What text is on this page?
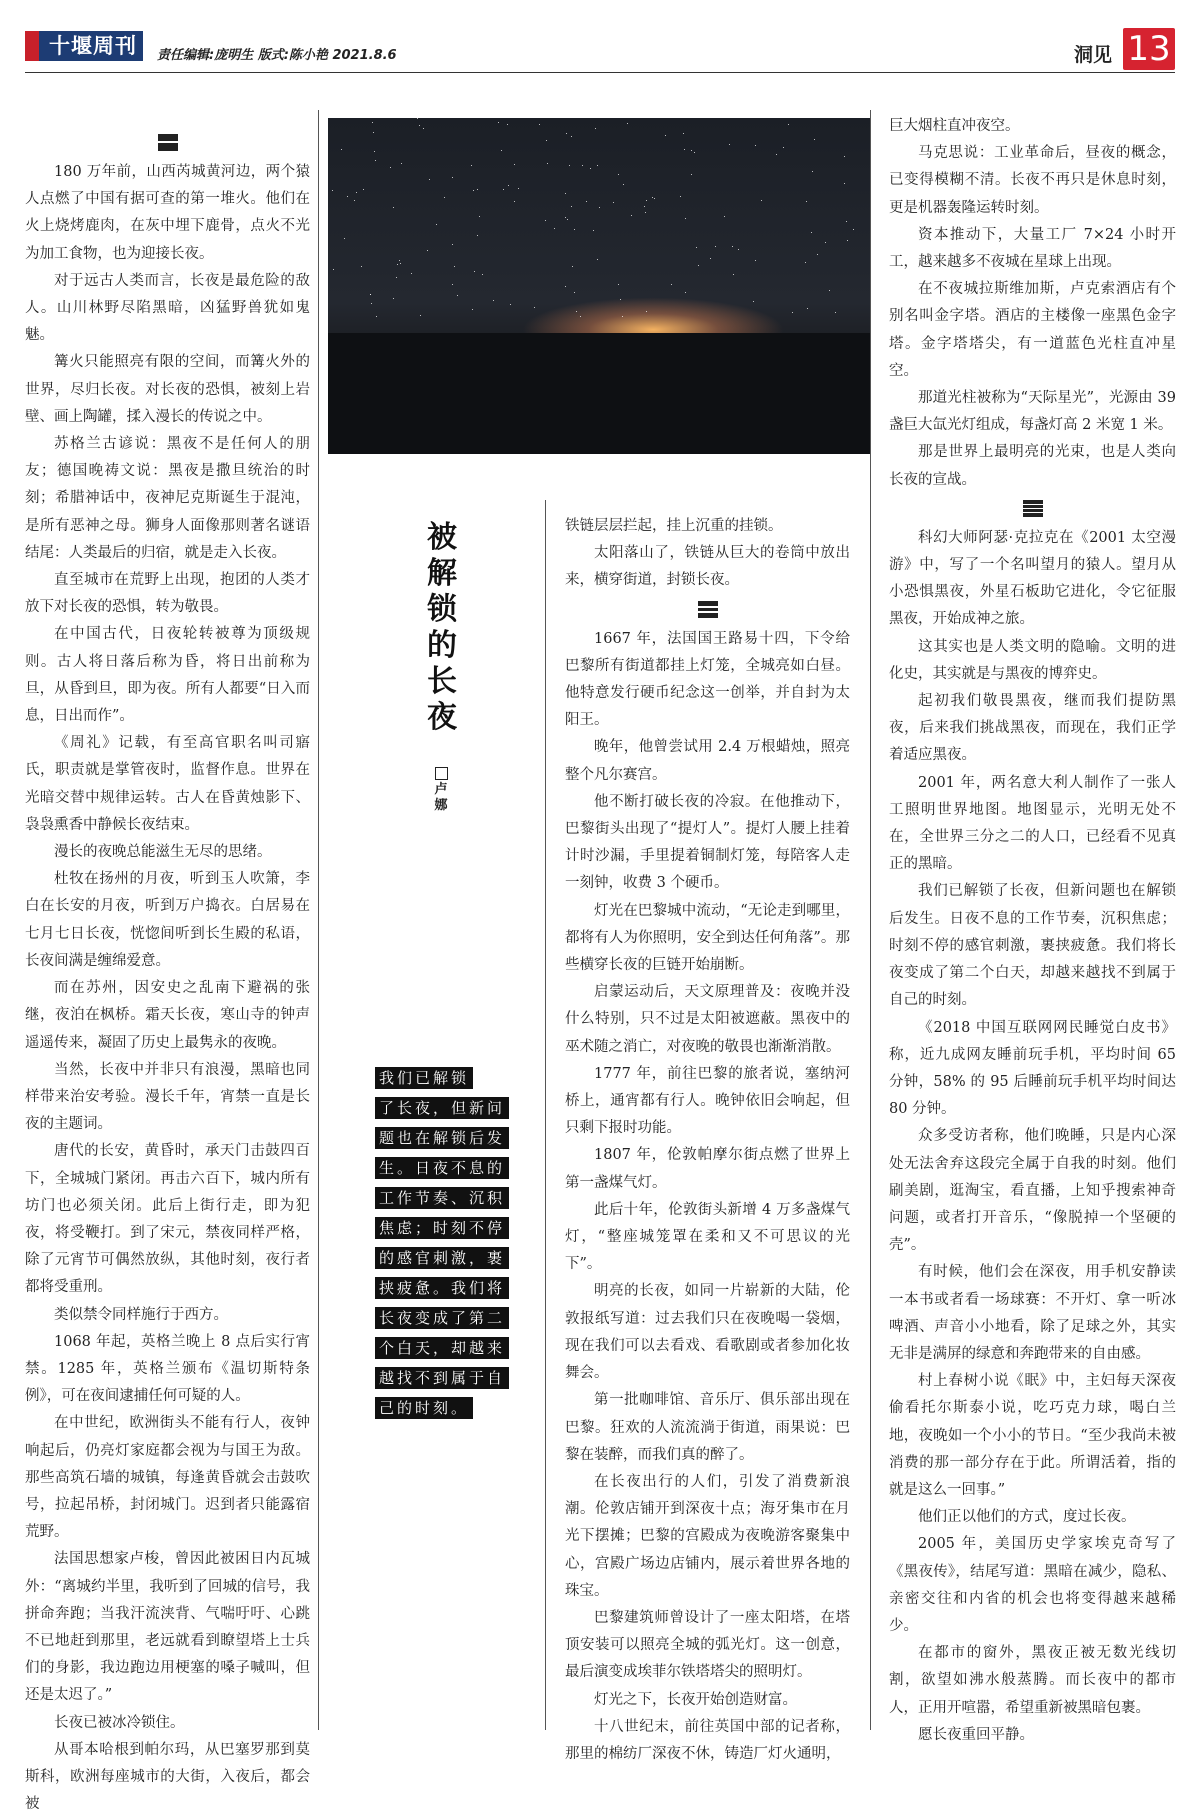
十堰周刊	责任编辑:庞明生 版式:陈小艳 2021.8.6	洞见 13

180 万年前，山西芮城黄河边，两个猿人点燃了中国有据可查的第一堆火。他们在火上烧烤鹿肉，在灰中埋下鹿骨，点火不光为加工食物，也为迎接长夜。

对于远古人类而言，长夜是最危险的敌人。山川林野尽陷黑暗，凶猛野兽犹如鬼魅。

篝火只能照亮有限的空间，而篝火外的世界，尽归长夜。对长夜的恐惧，被刻上岩壁、画上陶罐，揉入漫长的传说之中。

苏格兰古谚说：黑夜不是任何人的朋友；德国晚祷文说：黑夜是撒旦统治的时刻；希腊神话中，夜神尼克斯诞生于混沌，是所有恶神之母。狮身人面像那则著名谜语结尾：人类最后的归宿，就是走入长夜。

直至城市在荒野上出现，抱团的人类才放下对长夜的恐惧，转为敬畏。

在中国古代，日夜轮转被尊为顶级规则。古人将日落后称为昏，将日出前称为旦，从昏到旦，即为夜。所有人都要“日入而息，日出而作”。

《周礼》记载，有至高官职名叫司寤氏，职责就是掌管夜时，监督作息。世界在光暗交替中规律运转。古人在昏黄烛影下、袅袅熏香中静候长夜结束。

漫长的夜晚总能滋生无尽的思绪。

杜牧在扬州的月夜，听到玉人吹箫，李白在长安的月夜，听到万户捣衣。白居易在七月七日长夜，恍惚间听到长生殿的私语，长夜间满是缠绵爱意。

而在苏州，因安史之乱南下避祸的张继，夜泊在枫桥。霜天长夜，寒山寺的钟声遥遥传来，凝固了历史上最隽永的夜晚。

当然，长夜中并非只有浪漫，黑暗也同样带来治安考验。漫长千年，宵禁一直是长夜的主题词。

唐代的长安，黄昏时，承天门击鼓四百下，全城城门紧闭。再击六百下，城内所有坊门也必须关闭。此后上街行走，即为犯夜，将受鞭打。到了宋元，禁夜同样严格，除了元宵节可偶然放纵，其他时刻，夜行者都将受重刑。

类似禁令同样施行于西方。

1068 年起，英格兰晚上 8 点后实行宵禁。1285 年，英格兰颁布《温切斯特条例》，可在夜间逮捕任何可疑的人。

在中世纪，欧洲街头不能有行人，夜钟响起后，仍亮灯家庭都会视为与国王为敌。那些高筑石墙的城镇，每逢黄昏就会击鼓吹号，拉起吊桥，封闭城门。迟到者只能露宿荒野。

法国思想家卢梭，曾因此被困日内瓦城外：“离城约半里，我听到了回城的信号，我拼命奔跑；当我汗流浃背、气喘吁吁、心跳不已地赶到那里，老远就看到瞭望塔上士兵们的身影，我边跑边用梗塞的嗓子喊叫，但还是太迟了。”

长夜已被冰冷锁住。

从哥本哈根到帕尔玛，从巴塞罗那到莫斯科，欧洲每座城市的大街，入夜后，都会被

被
解
锁
的
长
夜
卢
娜
我们已解锁
了长夜，但新问
题也在解锁后发
生。日夜不息的
工作节奏、沉积
焦虑；时刻不停
的感官刺激，裹
挟疲惫。我们将
长夜变成了第二
个白天，却越来
越找不到属于自
己的时刻。

铁链层层拦起，挂上沉重的挂锁。

太阳落山了，铁链从巨大的卷筒中放出来，横穿街道，封锁长夜。

1667 年，法国国王路易十四，下令给巴黎所有街道都挂上灯笼，全城亮如白昼。他特意发行硬币纪念这一创举，并自封为太阳王。

晚年，他曾尝试用 2.4 万根蜡烛，照亮整个凡尔赛宫。

他不断打破长夜的冷寂。在他推动下，巴黎街头出现了“提灯人”。提灯人腰上挂着计时沙漏，手里提着铜制灯笼，每陪客人走一刻钟，收费 3 个硬币。

灯光在巴黎城中流动，“无论走到哪里，都将有人为你照明，安全到达任何角落”。那些横穿长夜的巨链开始崩断。

启蒙运动后，天文原理普及：夜晚并没什么特别，只不过是太阳被遮蔽。黑夜中的巫术随之消亡，对夜晚的敬畏也渐渐消散。

1777 年，前往巴黎的旅者说，塞纳河桥上，通宵都有行人。晚钟依旧会响起，但只剩下报时功能。

1807 年，伦敦帕摩尔街点燃了世界上第一盏煤气灯。

此后十年，伦敦街头新增 4 万多盏煤气灯，“整座城笼罩在柔和又不可思议的光下”。

明亮的长夜，如同一片崭新的大陆，伦敦报纸写道：过去我们只在夜晚喝一袋烟，现在我们可以去看戏、看歌剧或者参加化妆舞会。

第一批咖啡馆、音乐厅、俱乐部出现在巴黎。狂欢的人流流淌于街道，雨果说：巴黎在装醉，而我们真的醉了。

在长夜出行的人们，引发了消费新浪潮。伦敦店铺开到深夜十点；海牙集市在月光下摆摊；巴黎的宫殿成为夜晚游客聚集中心，宫殿广场边店铺内，展示着世界各地的珠宝。

巴黎建筑师曾设计了一座太阳塔，在塔顶安装可以照亮全城的弧光灯。这一创意，最后演变成埃菲尔铁塔塔尖的照明灯。

灯光之下，长夜开始创造财富。

十八世纪末，前往英国中部的记者称，那里的棉纺厂深夜不休，铸造厂灯火通明，

巨大烟柱直冲夜空。

马克思说：工业革命后，昼夜的概念，已变得模糊不清。长夜不再只是休息时刻，更是机器轰隆运转时刻。

资本推动下，大量工厂 7×24 小时开工，越来越多不夜城在星球上出现。

在不夜城拉斯维加斯，卢克索酒店有个别名叫金字塔。酒店的主楼像一座黑色金字塔。金字塔塔尖，有一道蓝色光柱直冲星空。

那道光柱被称为“天际星光”，光源由 39 盏巨大氙光灯组成，每盏灯高 2 米宽 1 米。

那是世界上最明亮的光束，也是人类向长夜的宣战。

科幻大师阿瑟·克拉克在《2001 太空漫游》中，写了一个名叫望月的猿人。望月从小恐惧黑夜，外星石板助它进化，令它征服黑夜，开始成神之旅。

这其实也是人类文明的隐喻。文明的进化史，其实就是与黑夜的博弈史。

起初我们敬畏黑夜，继而我们提防黑夜，后来我们挑战黑夜，而现在，我们正学着适应黑夜。

2001 年，两名意大利人制作了一张人工照明世界地图。地图显示，光明无处不在，全世界三分之二的人口，已经看不见真正的黑暗。

我们已解锁了长夜，但新问题也在解锁后发生。日夜不息的工作节奏，沉积焦虑；时刻不停的感官刺激，裹挟疲惫。我们将长夜变成了第二个白天，却越来越找不到属于自己的时刻。

《2018 中国互联网网民睡觉白皮书》称，近九成网友睡前玩手机，平均时间 65 分钟，58% 的 95 后睡前玩手机平均时间达 80 分钟。

众多受访者称，他们晚睡，只是内心深处无法舍弃这段完全属于自我的时刻。他们刷美剧，逛淘宝，看直播，上知乎搜索神奇问题，或者打开音乐，“像脱掉一个坚硬的壳”。

有时候，他们会在深夜，用手机安静读一本书或者看一场球赛：不开灯、拿一听冰啤酒、声音小小地看，除了足球之外，其实无非是满屏的绿意和奔跑带来的自由感。

村上春树小说《眠》中，主妇每天深夜偷看托尔斯泰小说，吃巧克力球，喝白兰地，夜晚如一个小小的节日。“至少我尚未被消费的那一部分存在于此。所谓活着，指的就是这么一回事。”

他们正以他们的方式，度过长夜。

2005 年，美国历史学家埃克奇写了《黑夜传》，结尾写道：黑暗在减少，隐私、亲密交往和内省的机会也将变得越来越稀少。

在都市的窗外，黑夜正被无数光线切割，欲望如沸水般蒸腾。而长夜中的都市人，正用开喧嚣，希望重新被黑暗包裹。

愿长夜重回平静。
